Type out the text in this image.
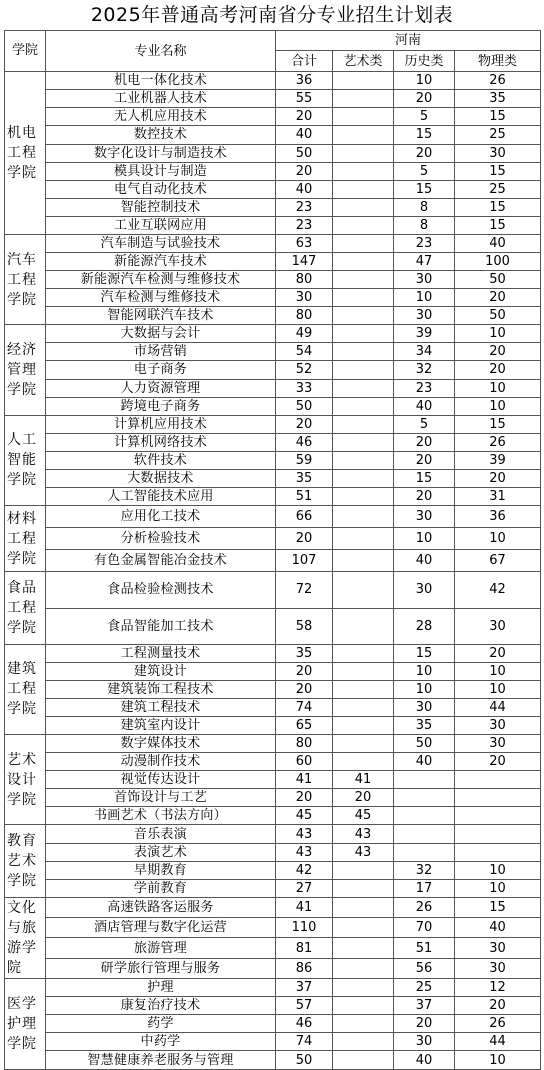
2025年普通高考河南省分专业招生计划表
学院	专业名称	河南			
		合计	艺术类	历史类	物理类
机电工程学院	机电一体化技术	36		10	26
	工业机器人技术	55		20	35
	无人机应用技术	20		5	15
	数控技术	40		15	25
	数字化设计与制造技术	50		20	30
	模具设计与制造	20		5	15
	电气自动化技术	40		15	25
	智能控制技术	23		8	15
	工业互联网应用	23		8	15
汽车工程学院	汽车制造与试验技术	63		23	40
	新能源汽车技术	147		47	100
	新能源汽车检测与维修技术	80		30	50
	汽车检测与维修技术	30		10	20
	智能网联汽车技术	80		30	50
经济管理学院	大数据与会计	49		39	10
	市场营销	54		34	20
	电子商务	52		32	20
	人力资源管理	33		23	10
	跨境电子商务	50		40	10
人工智能学院	计算机应用技术	20		5	15
	计算机网络技术	46		20	26
	软件技术	59		20	39
	大数据技术	35		15	20
	人工智能技术应用	51		20	31
材料工程学院	应用化工技术	66		30	36
	分析检验技术	20		10	10
	有色金属智能冶金技术	107		40	67
食品工程学院	食品检验检测技术	72		30	42
	食品智能加工技术	58		28	30
建筑工程学院	工程测量技术	35		15	20
	建筑设计	20		10	10
	建筑装饰工程技术	20		10	10
	建筑工程技术	74		30	44
	建筑室内设计	65		35	30
艺术设计学院	数字媒体技术	80		50	30
	动漫制作技术	60		40	20
	视觉传达设计	41	41		
	首饰设计与工艺	20	20		
	书画艺术（书法方向）	45	45		
教育艺术学院	音乐表演	43	43		
	表演艺术	43	43		
	早期教育	42		32	10
	学前教育	27		17	10
文化与旅游学院	高速铁路客运服务	41		26	15
	酒店管理与数字化运营	110		70	40
	旅游管理	81		51	30
	研学旅行管理与服务	86		56	30
医学护理学院	护理	37		25	12
	康复治疗技术	57		37	20
	药学	46		20	26
	中药学	74		30	44
	智慧健康养老服务与管理	50		40	10
